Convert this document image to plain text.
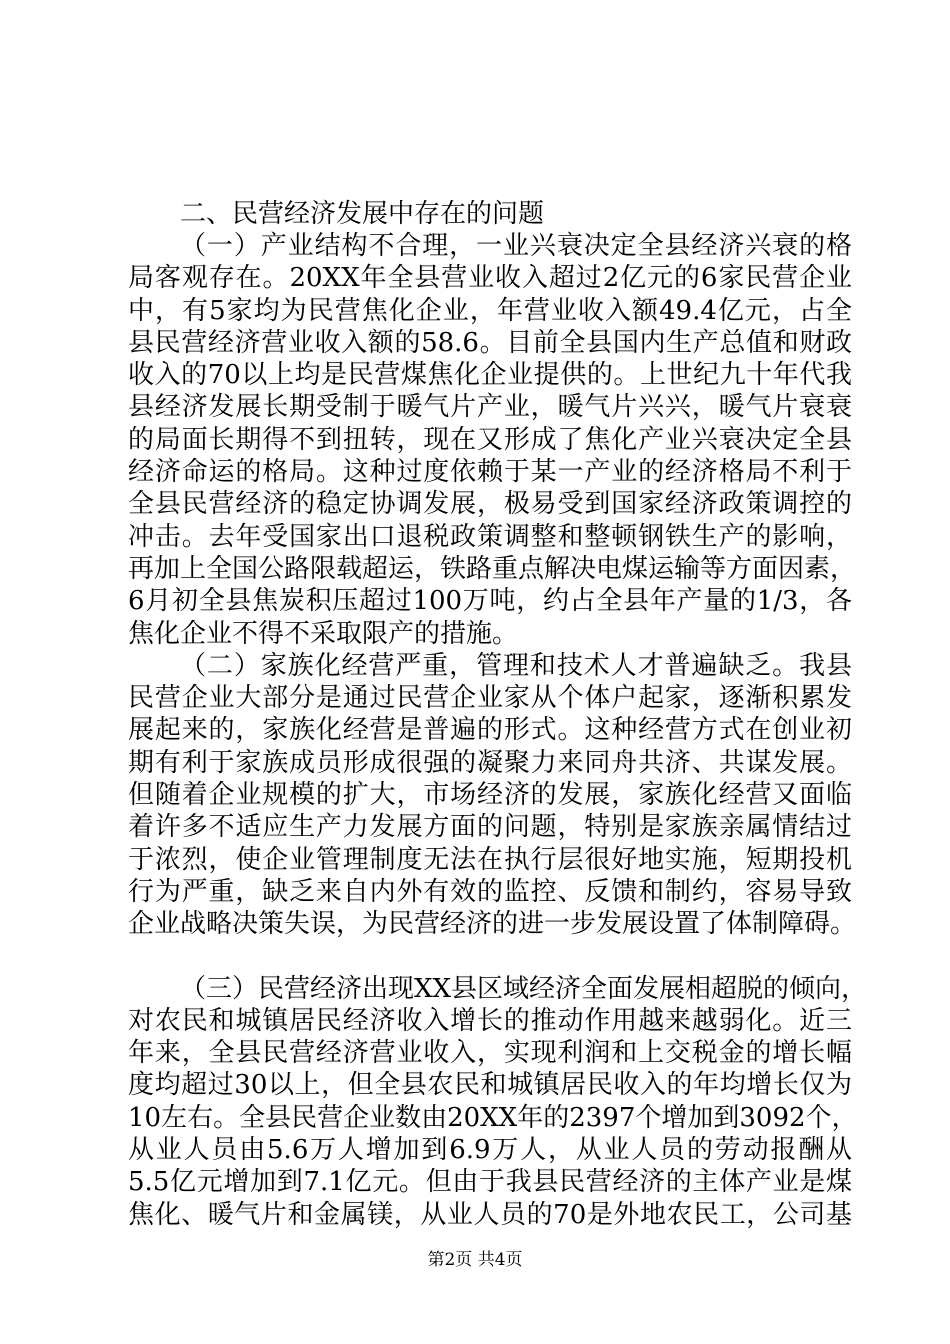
二、民营经济发展中存在的问题
（一）产业结构不合理，一业兴衰决定全县经济兴衰的格
局客观存在。20XX年全县营业收入超过2亿元的6家民营企业
中，有5家均为民营焦化企业，年营业收入额49.4亿元，占全
县民营经济营业收入额的58.6。目前全县国内生产总值和财政
收入的70以上均是民营煤焦化企业提供的。上世纪九十年代我
县经济发展长期受制于暖气片产业，暖气片兴兴，暖气片衰衰
的局面长期得不到扭转，现在又形成了焦化产业兴衰决定全县
经济命运的格局。这种过度依赖于某一产业的经济格局不利于
全县民营经济的稳定协调发展，极易受到国家经济政策调控的
冲击。去年受国家出口退税政策调整和整顿钢铁生产的影响，
再加上全国公路限载超运，铁路重点解决电煤运输等方面因素，
6月初全县焦炭积压超过100万吨，约占全县年产量的1/3，各
焦化企业不得不采取限产的措施。
（二）家族化经营严重，管理和技术人才普遍缺乏。我县
民营企业大部分是通过民营企业家从个体户起家，逐渐积累发
展起来的，家族化经营是普遍的形式。这种经营方式在创业初
期有利于家族成员形成很强的凝聚力来同舟共济、共谋发展。
但随着企业规模的扩大，市场经济的发展，家族化经营又面临
着许多不适应生产力发展方面的问题，特别是家族亲属情结过
于浓烈，使企业管理制度无法在执行层很好地实施，短期投机
行为严重，缺乏来自内外有效的监控、反馈和制约，容易导致
企业战略决策失误，为民营经济的进一步发展设置了体制障碍。
（三）民营经济出现XX县区域经济全面发展相超脱的倾向，
对农民和城镇居民经济收入增长的推动作用越来越弱化。近三
年来，全县民营经济营业收入，实现利润和上交税金的增长幅
度均超过30以上，但全县农民和城镇居民收入的年均增长仅为
10左右。全县民营企业数由20XX年的2397个增加到3092个，
从业人员由5.6万人增加到6.9万人，从业人员的劳动报酬从
5.5亿元增加到7.1亿元。但由于我县民营经济的主体产业是煤
焦化、暖气片和金属镁，从业人员的70是外地农民工，公司基
第2页 共4页
